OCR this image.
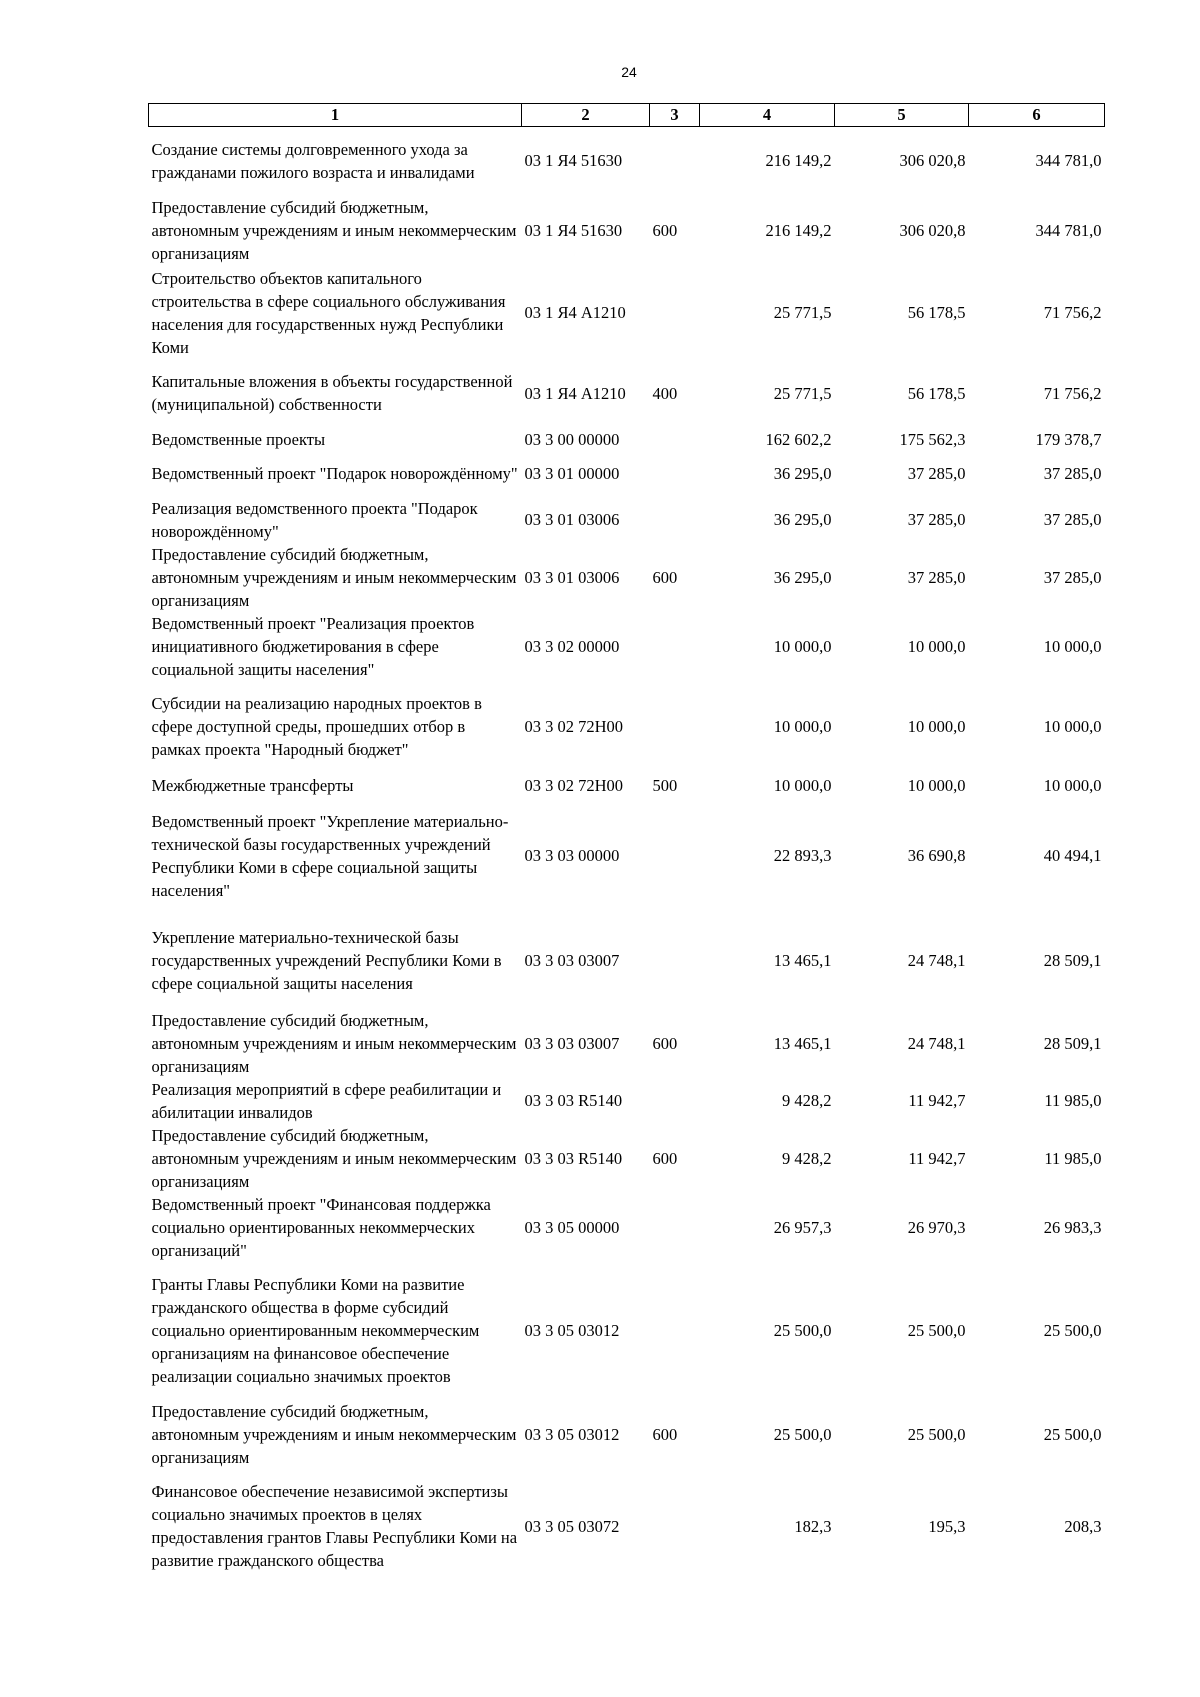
24
1	2	3	4	5	6
Создание системы долговременного ухода за гражданами пожилого возраста и инвалидами	03 1 Я4 51630		216 149,2	306 020,8	344 781,0
Предоставление субсидий бюджетным, автономным учреждениям и иным некоммерческим организациям	03 1 Я4 51630	600	216 149,2	306 020,8	344 781,0
Строительство объектов капитального строительства в сфере социального обслуживания населения для государственных нужд Республики Коми	03 1 Я4 А1210		25 771,5	56 178,5	71 756,2
Капитальные вложения в объекты государственной (муниципальной) собственности	03 1 Я4 А1210	400	25 771,5	56 178,5	71 756,2
Ведомственные проекты	03 3 00 00000		162 602,2	175 562,3	179 378,7
Ведомственный проект "Подарок новорождённому"	03 3 01 00000		36 295,0	37 285,0	37 285,0
Реализация ведомственного проекта "Подарок новорождённому"	03 3 01 03006		36 295,0	37 285,0	37 285,0
Предоставление субсидий бюджетным, автономным учреждениям и иным некоммерческим организациям	03 3 01 03006	600	36 295,0	37 285,0	37 285,0
Ведомственный проект "Реализация проектов инициативного бюджетирования в сфере социальной защиты населения"	03 3 02 00000		10 000,0	10 000,0	10 000,0
Субсидии на реализацию народных проектов в сфере доступной среды, прошедших отбор в рамках проекта "Народный бюджет"	03 3 02 72Н00		10 000,0	10 000,0	10 000,0
Межбюджетные трансферты	03 3 02 72Н00	500	10 000,0	10 000,0	10 000,0
Ведомственный проект "Укрепление материально-технической базы государственных учреждений Республики Коми в сфере социальной защиты населения"	03 3 03 00000		22 893,3	36 690,8	40 494,1
Укрепление материально-технической базы государственных учреждений Республики Коми в сфере социальной защиты населения	03 3 03 03007		13 465,1	24 748,1	28 509,1
Предоставление субсидий бюджетным, автономным учреждениям и иным некоммерческим организациям	03 3 03 03007	600	13 465,1	24 748,1	28 509,1
Реализация мероприятий в сфере реабилитации и абилитации инвалидов	03 3 03 R5140		9 428,2	11 942,7	11 985,0
Предоставление субсидий бюджетным, автономным учреждениям и иным некоммерческим организациям	03 3 03 R5140	600	9 428,2	11 942,7	11 985,0
Ведомственный проект "Финансовая поддержка социально ориентированных некоммерческих организаций"	03 3 05 00000		26 957,3	26 970,3	26 983,3
Гранты Главы Республики Коми на развитие гражданского общества в форме субсидий социально ориентированным некоммерческим организациям на финансовое обеспечение реализации социально значимых проектов	03 3 05 03012		25 500,0	25 500,0	25 500,0
Предоставление субсидий бюджетным, автономным учреждениям и иным некоммерческим организациям	03 3 05 03012	600	25 500,0	25 500,0	25 500,0
Финансовое обеспечение независимой экспертизы социально значимых проектов в целях предоставления грантов Главы Республики Коми на развитие гражданского общества	03 3 05 03072		182,3	195,3	208,3
